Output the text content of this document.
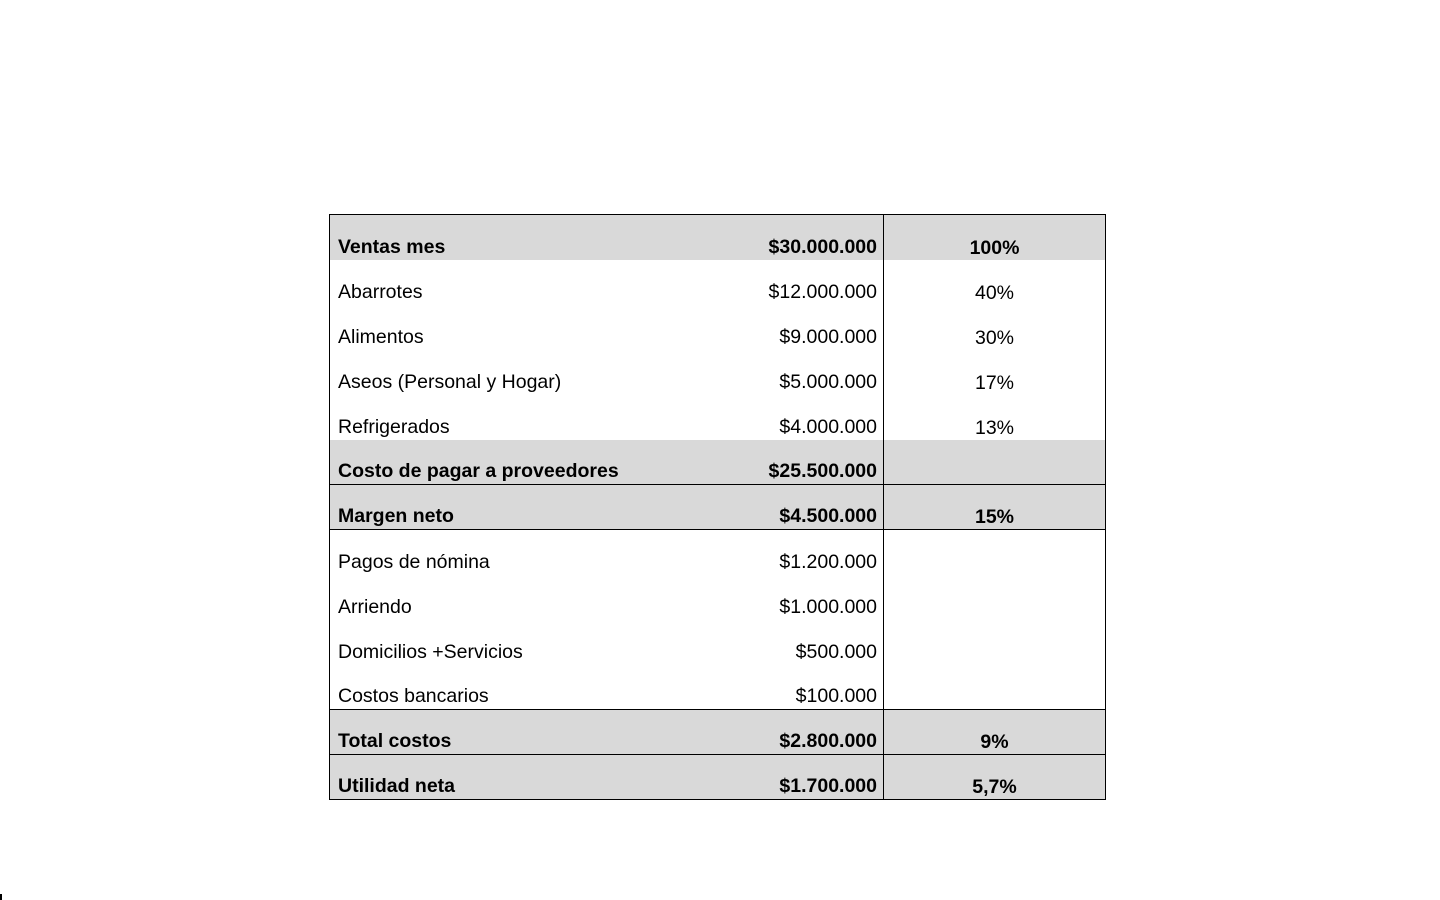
Ventas mes	$30.000.000	100%
Abarrotes	$12.000.000	40%
Alimentos	$9.000.000	30%
Aseos (Personal y Hogar)	$5.000.000	17%
Refrigerados	$4.000.000	13%
Costo de pagar a proveedores	$25.500.000	
Margen neto	$4.500.000	15%
Pagos de nómina	$1.200.000	
Arriendo	$1.000.000	
Domicilios +Servicios	$500.000	
Costos bancarios	$100.000	
Total costos	$2.800.000	9%
Utilidad neta	$1.700.000	5,7%
